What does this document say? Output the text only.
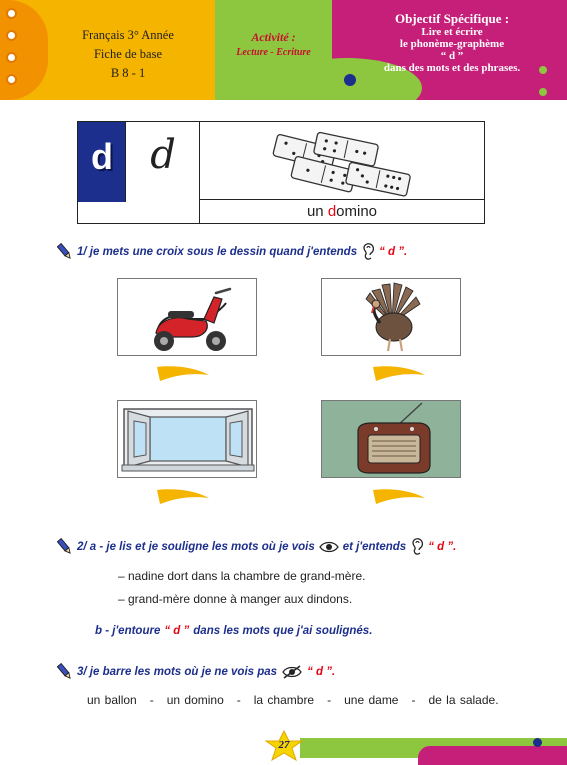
Français 3° Année
Fiche de base
B 8 - 1
Activité :
Lecture - Ecriture
Objectif Spécifique :
Lire et écrire
le phonème-graphème
“ d ”
dans des mots et des phrases.
d d
un domino
1/ je mets une croix sous le dessin quand j'entends “ d ”.
2/ a - je lis et je souligne les mots où je vois et j'entends “ d ”.
– nadine dort dans la chambre de grand-mère.
– grand-mère donne à manger aux dindons.
b - j'entoure “ d ” dans les mots que j'ai soulignés.
3/ je barre les mots où je ne vois pas	“ d ”.
un ballon   -   un domino   -   la chambre   -   une dame   -   de la salade.
27
